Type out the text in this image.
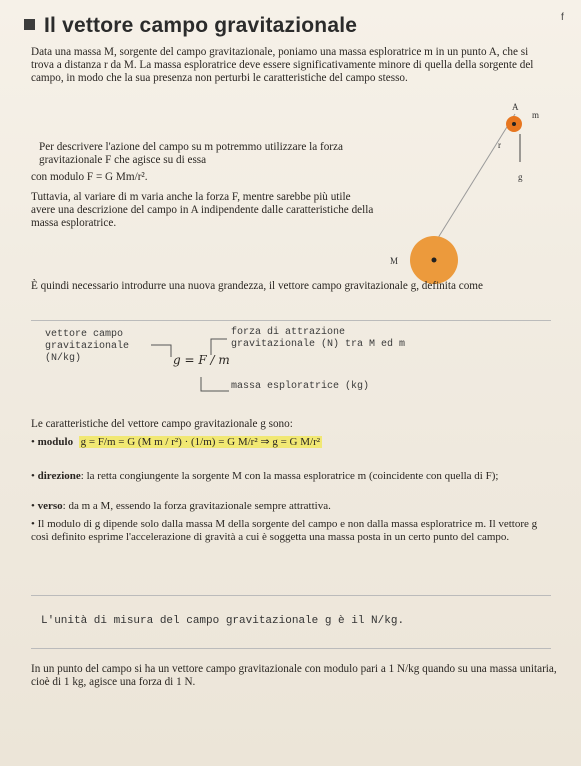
Il vettore campo gravitazionale	f
Data una massa M, sorgente del campo gravitazionale, poniamo una massa esploratrice m in un punto A, che si trova a distanza r da M. La massa esploratrice deve essere significativamente minore di quella della sorgente del campo, in modo che la sua presenza non perturbi le caratteristiche del campo stesso.
Per descrivere l'azione del campo su m potremmo utilizzare la forza gravitazionale F che agisce su di essa
con modulo F = G Mm/r².
Tuttavia, al variare di m varia anche la forza F, mentre sarebbe più utile avere una descrizione del campo in A indipendente dalle caratteristiche della massa esploratrice.
A
m
g
r
M
È quindi necessario introdurre una nuova grandezza, il vettore campo gravitazionale g, definita come
vettore campo gravitazionale (N/kg)
forza di attrazione gravitazionale (N) tra M ed m
massa esploratrice (kg)
g = F / m
Le caratteristiche del vettore campo gravitazionale g sono:
• modulo g = F/m = G (M m / r²) · (1/m) = G M/r² ⇒ g = G M/r²
• direzione: la retta congiungente la sorgente M con la massa esploratrice m (coincidente con quella di F);
• verso: da m a M, essendo la forza gravitazionale sempre attrattiva.
• Il modulo di g dipende solo dalla massa M della sorgente del campo e non dalla massa esploratrice m. Il vettore g così definito esprime l'accelerazione di gravità a cui è soggetta una massa posta in un certo punto del campo.
L'unità di misura del campo gravitazionale g è il N/kg.
In un punto del campo si ha un vettore campo gravitazionale con modulo pari a 1 N/kg quando su una massa unitaria, cioè di 1 kg, agisce una forza di 1 N.
